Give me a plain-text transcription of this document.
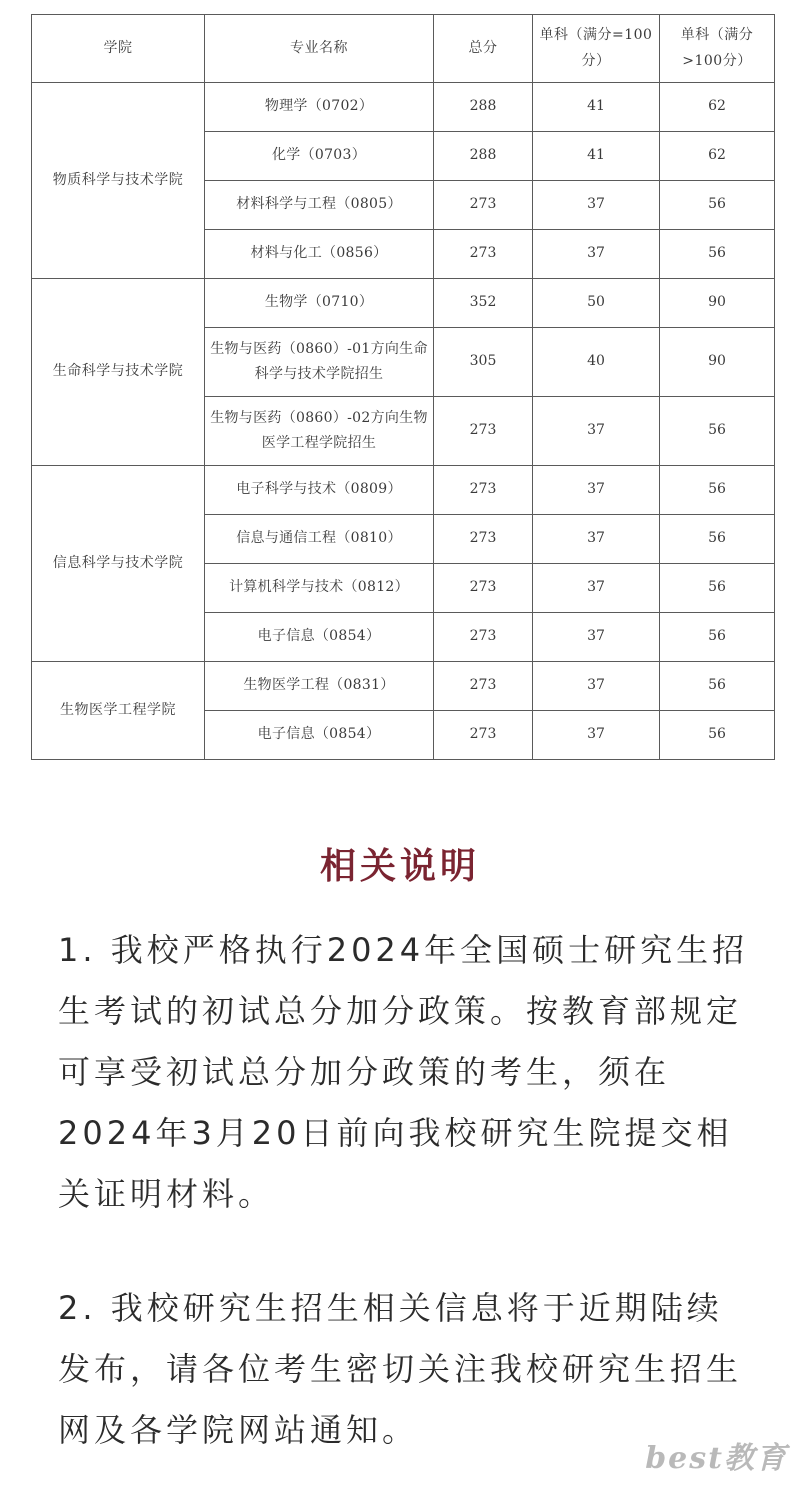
学院	专业名称	总分	单科（满分=100分）	单科（满分>100分）
物质科学与技术学院	物理学（0702）	288	41	62
	化学（0703）	288	41	62
	材料科学与工程（0805）	273	37	56
	材料与化工（0856）	273	37	56
生命科学与技术学院	生物学（0710）	352	50	90
	生物与医药（0860）-01方向生命科学与技术学院招生	305	40	90
	生物与医药（0860）-02方向生物医学工程学院招生	273	37	56
信息科学与技术学院	电子科学与技术（0809）	273	37	56
	信息与通信工程（0810）	273	37	56
	计算机科学与技术（0812）	273	37	56
	电子信息（0854）	273	37	56
生物医学工程学院	生物医学工程（0831）	273	37	56
	电子信息（0854）	273	37	56
相关说明

1. 我校严格执行2024年全国硕士研究生招生考试的初试总分加分政策。按教育部规定可享受初试总分加分政策的考生，须在2024年3月20日前向我校研究生院提交相关证明材料。

2. 我校研究生招生相关信息将于近期陆续发布，请各位考生密切关注我校研究生招生网及各学院网站通知。

best教育
